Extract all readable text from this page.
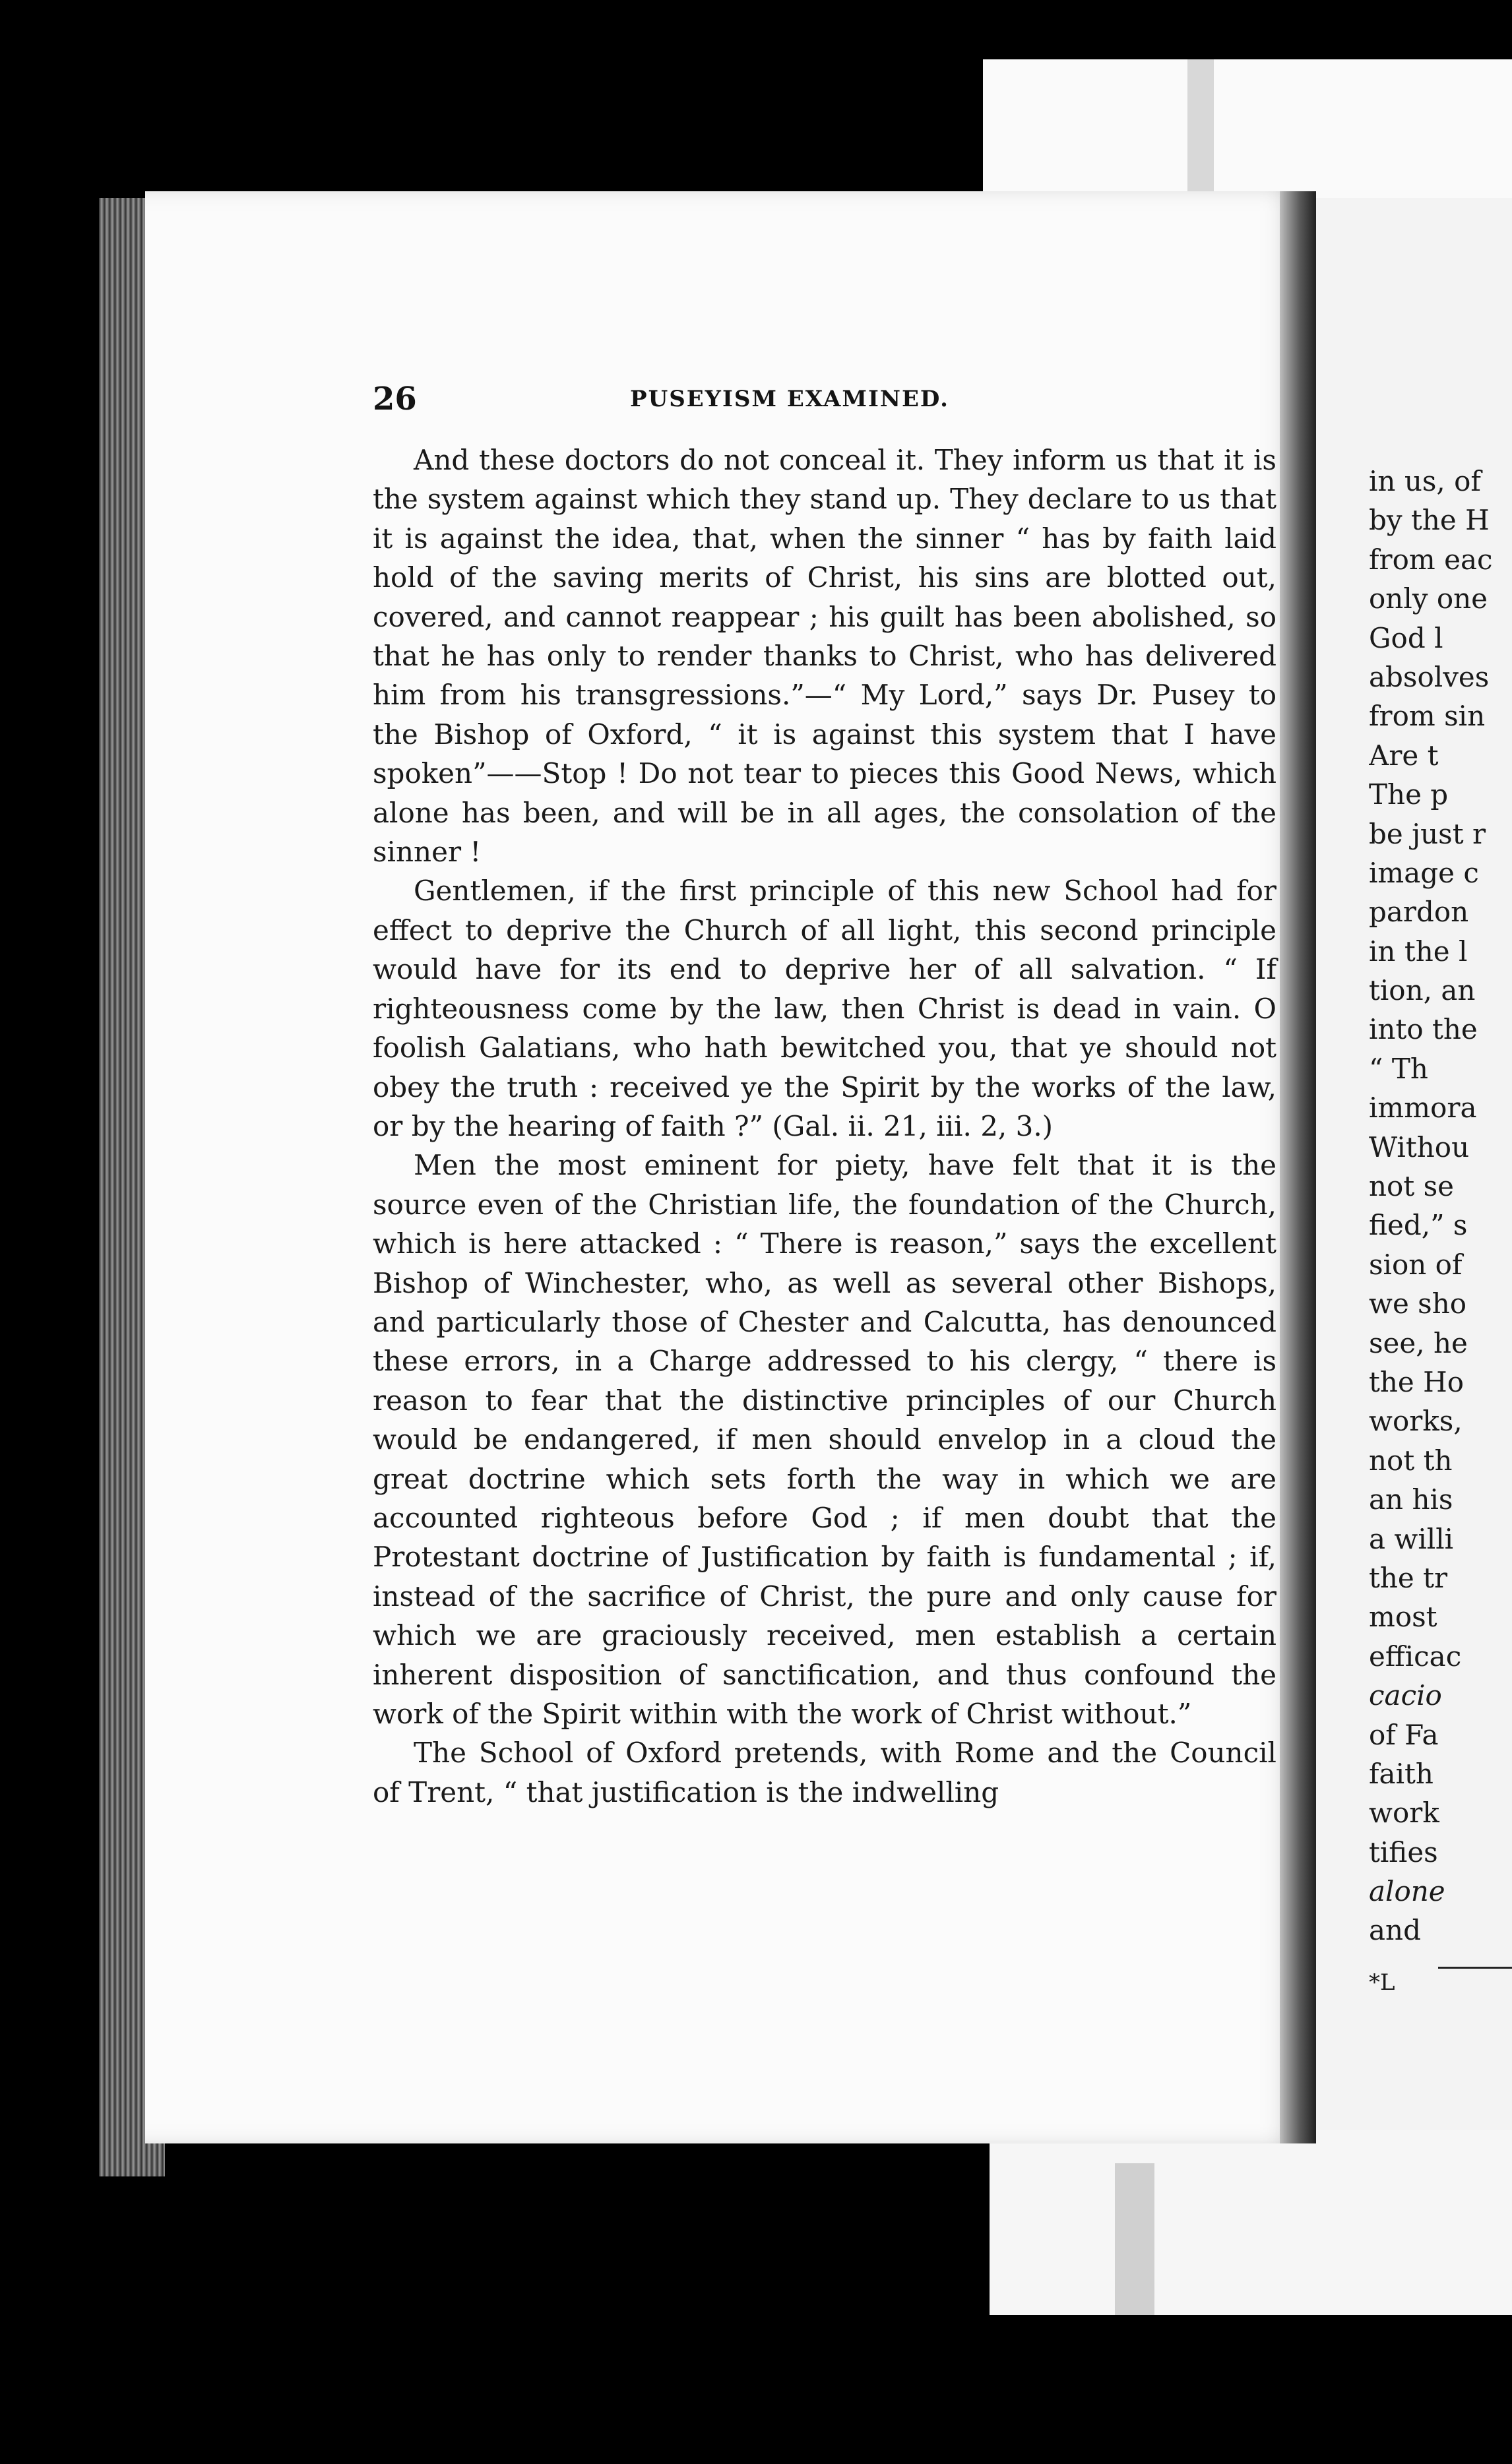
26	PUSEYISM EXAMINED.

And these doctors do not conceal it. They inform us that it is the system against which they stand up. They declare to us that it is against the idea, that, when the sinner “ has by faith laid hold of the saving merits of Christ, his sins are blotted out, covered, and cannot reappear ; his guilt has been abolished, so that he has only to render thanks to Christ, who has delivered him from his transgressions.”—“ My Lord,” says Dr. Pusey to the Bishop of Oxford, “ it is against this system that I have spoken”——Stop ! Do not tear to pieces this Good News, which alone has been, and will be in all ages, the consolation of the sinner !

Gentlemen, if the first principle of this new School had for effect to deprive the Church of all light, this second principle would have for its end to deprive her of all salvation. “ If righteousness come by the law, then Christ is dead in vain. O foolish Galatians, who hath bewitched you, that ye should not obey the truth : received ye the Spirit by the works of the law, or by the hearing of faith ?” (Gal. ii. 21, iii. 2, 3.)

Men the most eminent for piety, have felt that it is the source even of the Christian life, the foundation of the Church, which is here attacked : “ There is reason,” says the excellent Bishop of Winchester, who, as well as several other Bishops, and particularly those of Chester and Calcutta, has denounced these errors, in a Charge addressed to his clergy, “ there is reason to fear that the distinctive principles of our Church would be endangered, if men should envelop in a cloud the great doctrine which sets forth the way in which we are accounted righteous before God ; if men doubt that the Protestant doctrine of Justification by faith is fundamental ; if, instead of the sacrifice of Christ, the pure and only cause for which we are graciously received, men establish a certain inherent disposition of sanctification, and thus confound the work of the Spirit within with the work of Christ without.”

The School of Oxford pretends, with Rome and the Council of Trent, “ that justification is the indwelling

in us, of
by the H
from eac
only one
God l
absolves
from sin
Are t
The p
be just r
image c
pardon
in the l
tion, an
into the
“ Th
immora
Withou
not se
fied,” s
sion of
we sho
see, he
the Ho
works,
not th
an his
a willi
the tr
most
efficac
cacio
of Fa
faith
work
tifies
alone
and
*L
